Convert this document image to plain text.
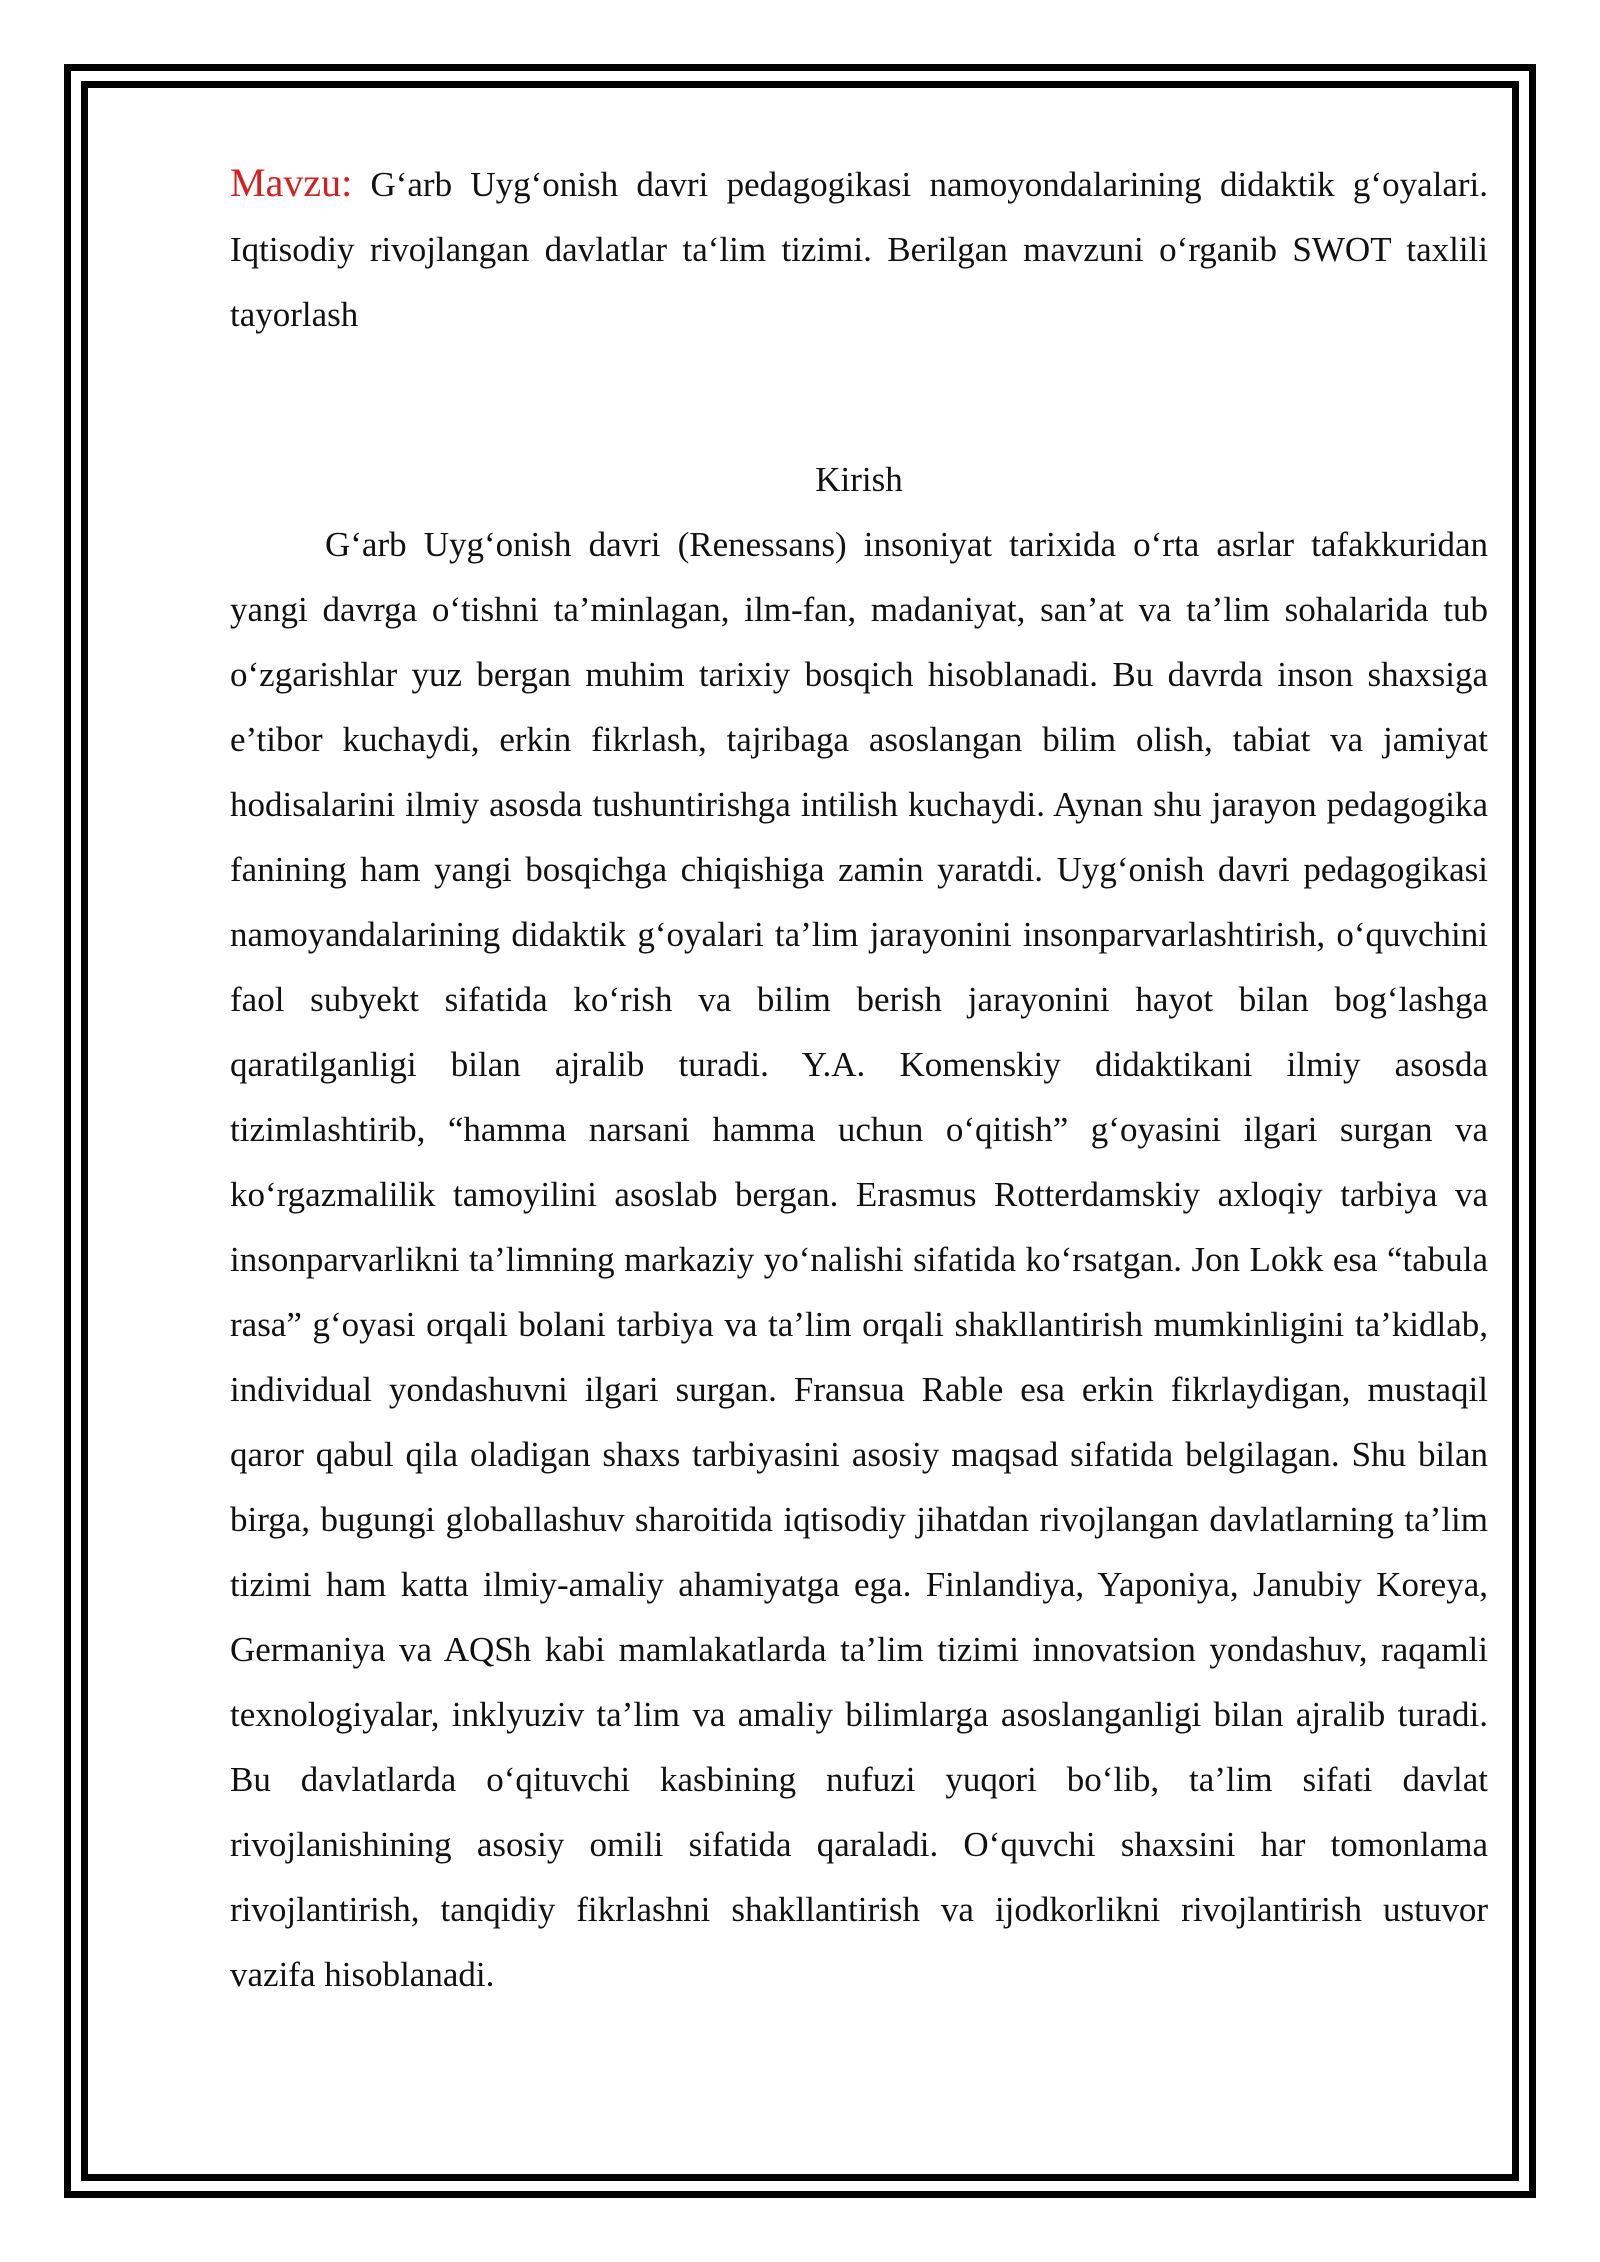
Mavzu: G‘arb Uyg‘onish davri pedagogikasi namoyondalarining didaktik g‘oyalari. Iqtisodiy rivojlangan davlatlar ta‘lim tizimi. Berilgan mavzuni o‘rganib SWOT taxlili tayorlash

Kirish

G‘arb Uyg‘onish davri (Renessans) insoniyat tarixida o‘rta asrlar tafakkuridan yangi davrga o‘tishni ta’minlagan, ilm-fan, madaniyat, san’at va ta’lim sohalarida tub o‘zgarishlar yuz bergan muhim tarixiy bosqich hisoblanadi. Bu davrda inson shaxsiga e’tibor kuchaydi, erkin fikrlash, tajribaga asoslangan bilim olish, tabiat va jamiyat hodisalarini ilmiy asosda tushuntirishga intilish kuchaydi. Aynan shu jarayon pedagogika fanining ham yangi bosqichga chiqishiga zamin yaratdi. Uyg‘onish davri pedagogikasi namoyandalarining didaktik g‘oyalari ta’lim jarayonini insonparvarlashtirish, o‘quvchini faol subyekt sifatida ko‘rish va bilim berish jarayonini hayot bilan bog‘lashga qaratilganligi bilan ajralib turadi. Y.A. Komenskiy didaktikani ilmiy asosda tizimlashtirib, “hamma narsani hamma uchun o‘qitish” g‘oyasini ilgari surgan va ko‘rgazmalilik tamoyilini asoslab bergan. Erasmus Rotterdamskiy axloqiy tarbiya va insonparvarlikni ta’limning markaziy yo‘nalishi sifatida ko‘rsatgan. Jon Lokk esa “tabula rasa” g‘oyasi orqali bolani tarbiya va ta’lim orqali shakllantirish mumkinligini ta’kidlab, individual yondashuvni ilgari surgan. Fransua Rable esa erkin fikrlaydigan, mustaqil qaror qabul qila oladigan shaxs tarbiyasini asosiy maqsad sifatida belgilagan. Shu bilan birga, bugungi globallashuv sharoitida iqtisodiy jihatdan rivojlangan davlatlarning ta’lim tizimi ham katta ilmiy-amaliy ahamiyatga ega. Finlandiya, Yaponiya, Janubiy Koreya, Germaniya va AQSh kabi mamlakatlarda ta’lim tizimi innovatsion yondashuv, raqamli texnologiyalar, inklyuziv ta’lim va amaliy bilimlarga asoslanganligi bilan ajralib turadi. Bu davlatlarda o‘qituvchi kasbining nufuzi yuqori bo‘lib, ta’lim sifati davlat rivojlanishining asosiy omili sifatida qaraladi. O‘quvchi shaxsini har tomonlama rivojlantirish, tanqidiy fikrlashni shakllantirish va ijodkorlikni rivojlantirish ustuvor vazifa hisoblanadi.
